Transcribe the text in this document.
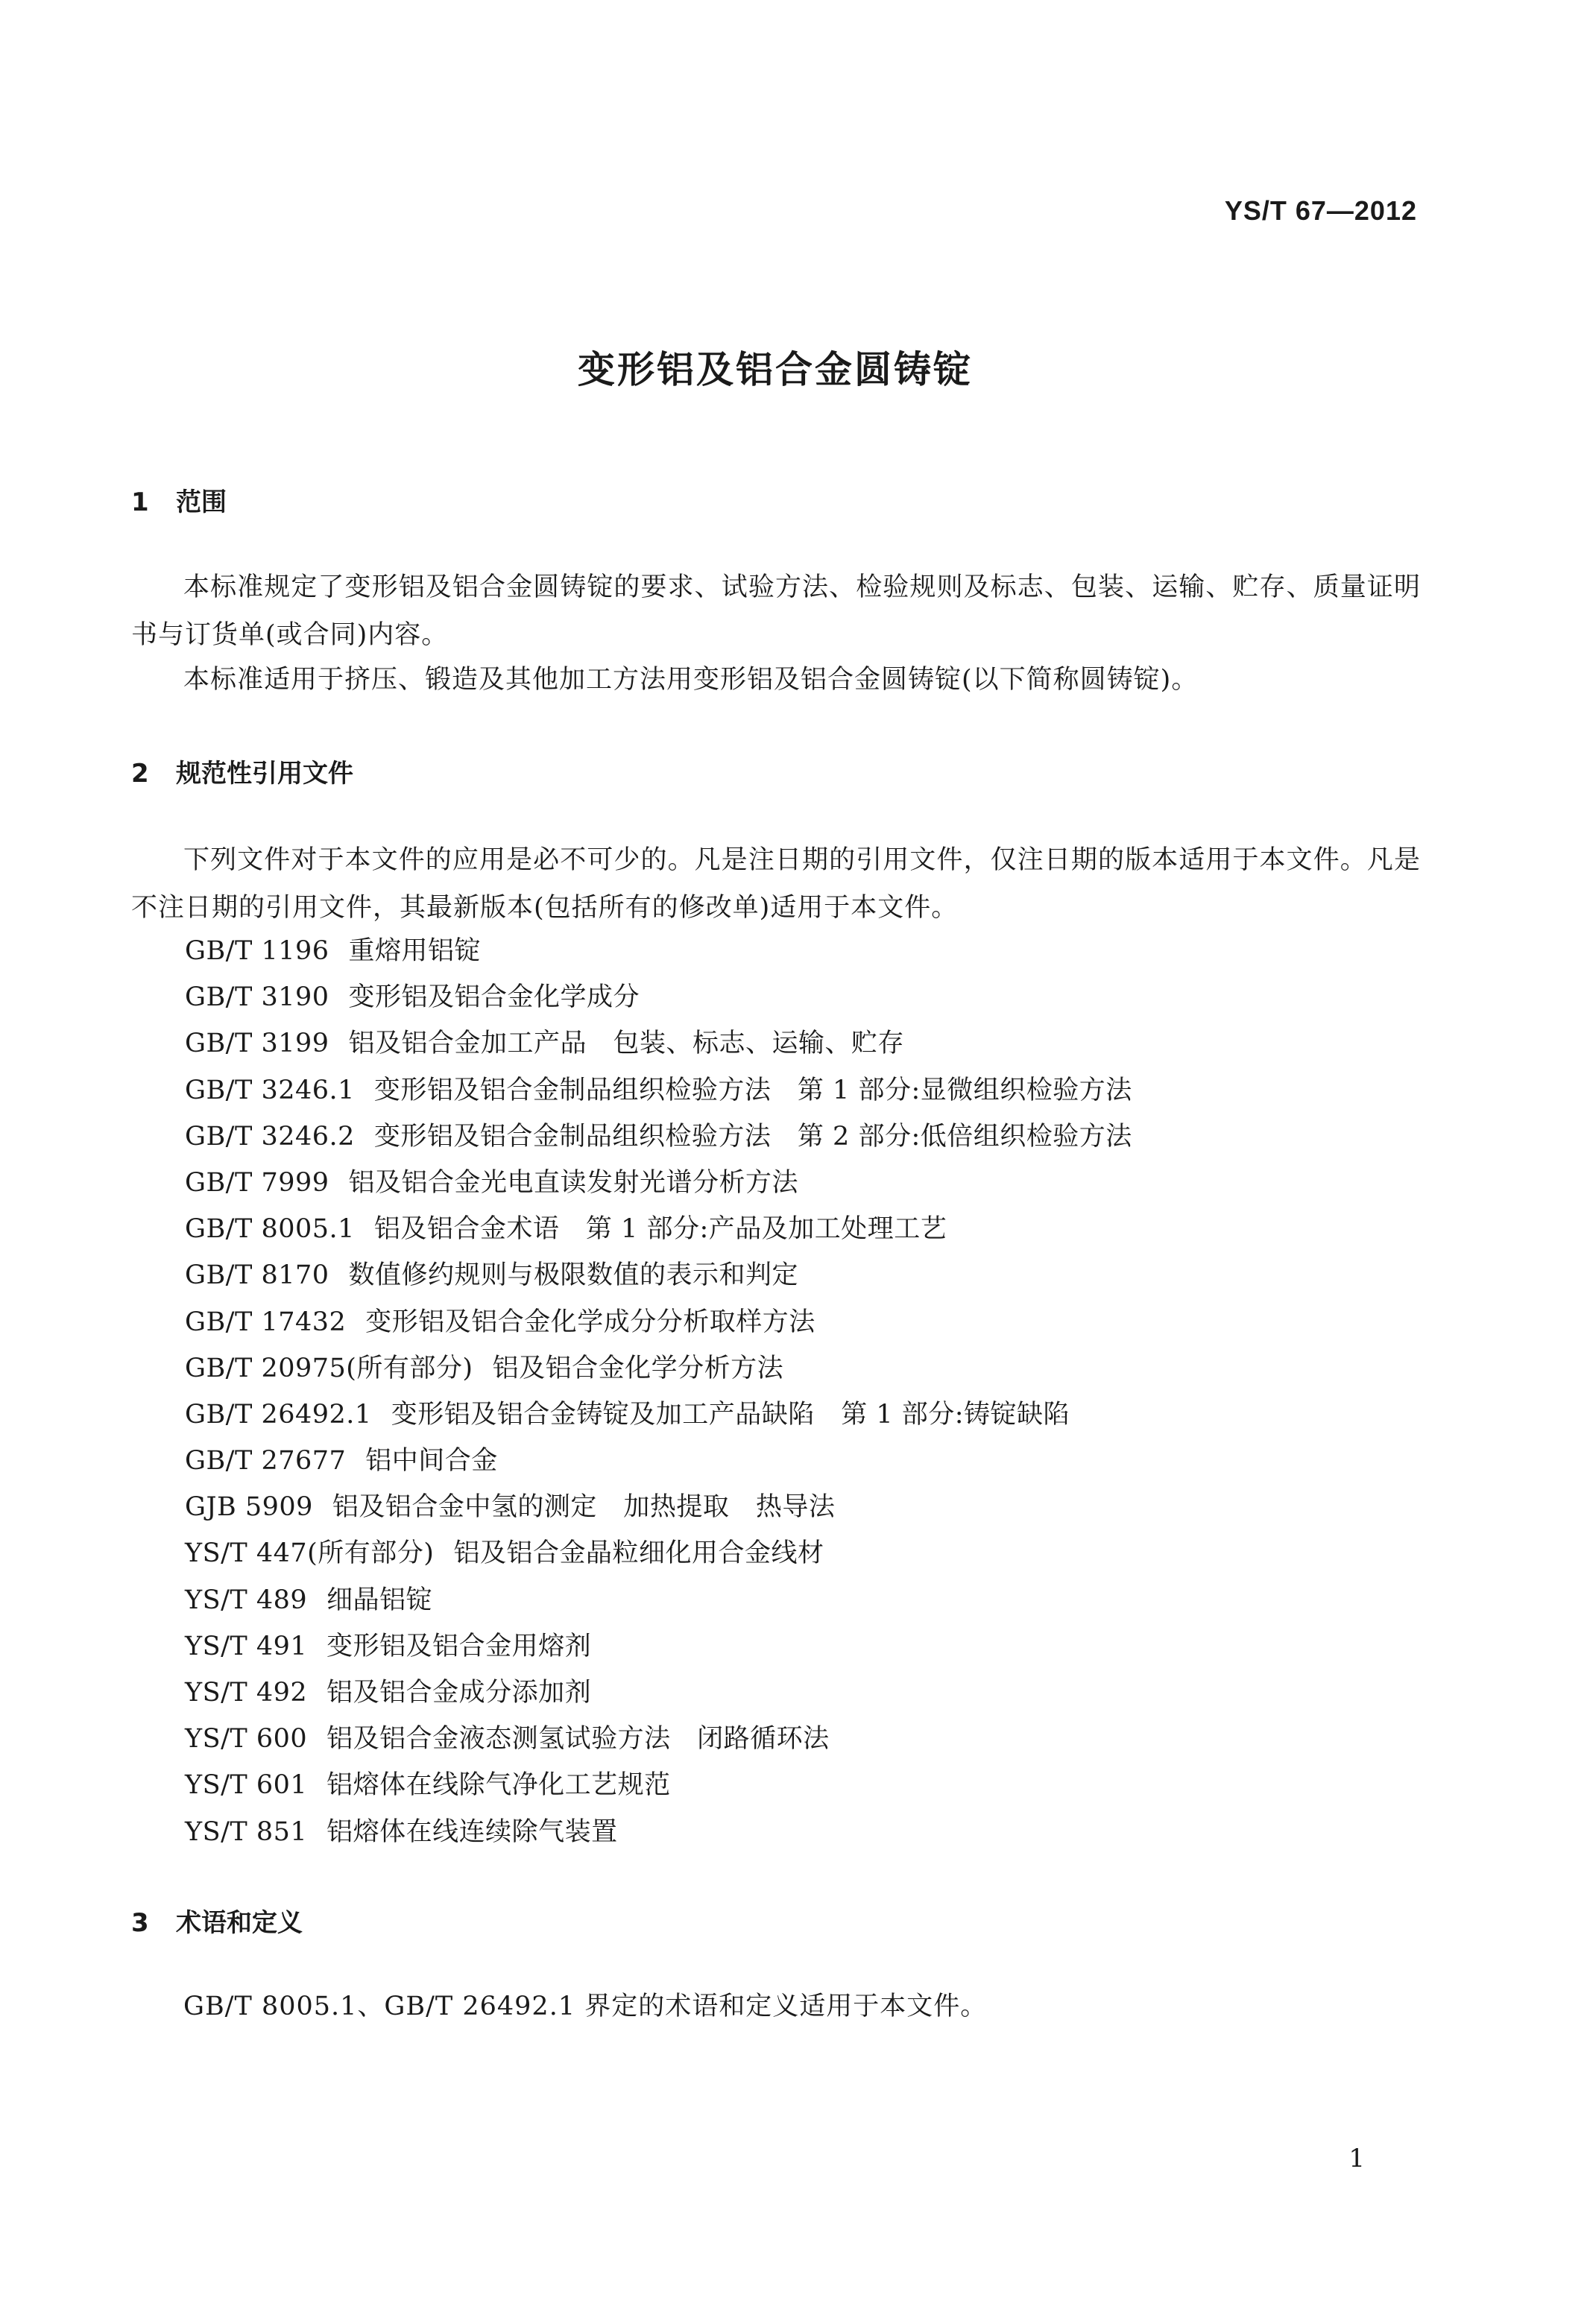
YS/T 67—2012
变形铝及铝合金圆铸锭
1 范围
本标准规定了变形铝及铝合金圆铸锭的要求、试验方法、检验规则及标志、包装、运输、贮存、质量证明书与订货单(或合同)内容。
本标准适用于挤压、锻造及其他加工方法用变形铝及铝合金圆铸锭(以下简称圆铸锭)。
2 规范性引用文件
下列文件对于本文件的应用是必不可少的。凡是注日期的引用文件，仅注日期的版本适用于本文件。凡是不注日期的引用文件，其最新版本(包括所有的修改单)适用于本文件。
GB/T 1196 重熔用铝锭
GB/T 3190 变形铝及铝合金化学成分
GB/T 3199 铝及铝合金加工产品　包装、标志、运输、贮存
GB/T 3246.1 变形铝及铝合金制品组织检验方法　第 1 部分:显微组织检验方法
GB/T 3246.2 变形铝及铝合金制品组织检验方法　第 2 部分:低倍组织检验方法
GB/T 7999 铝及铝合金光电直读发射光谱分析方法
GB/T 8005.1 铝及铝合金术语　第 1 部分:产品及加工处理工艺
GB/T 8170 数值修约规则与极限数值的表示和判定
GB/T 17432 变形铝及铝合金化学成分分析取样方法
GB/T 20975(所有部分) 铝及铝合金化学分析方法
GB/T 26492.1 变形铝及铝合金铸锭及加工产品缺陷　第 1 部分:铸锭缺陷
GB/T 27677 铝中间合金
GJB 5909 铝及铝合金中氢的测定　加热提取　热导法
YS/T 447(所有部分) 铝及铝合金晶粒细化用合金线材
YS/T 489 细晶铝锭
YS/T 491 变形铝及铝合金用熔剂
YS/T 492 铝及铝合金成分添加剂
YS/T 600 铝及铝合金液态测氢试验方法　闭路循环法
YS/T 601 铝熔体在线除气净化工艺规范
YS/T 851 铝熔体在线连续除气装置
3 术语和定义
GB/T 8005.1、GB/T 26492.1 界定的术语和定义适用于本文件。
1
